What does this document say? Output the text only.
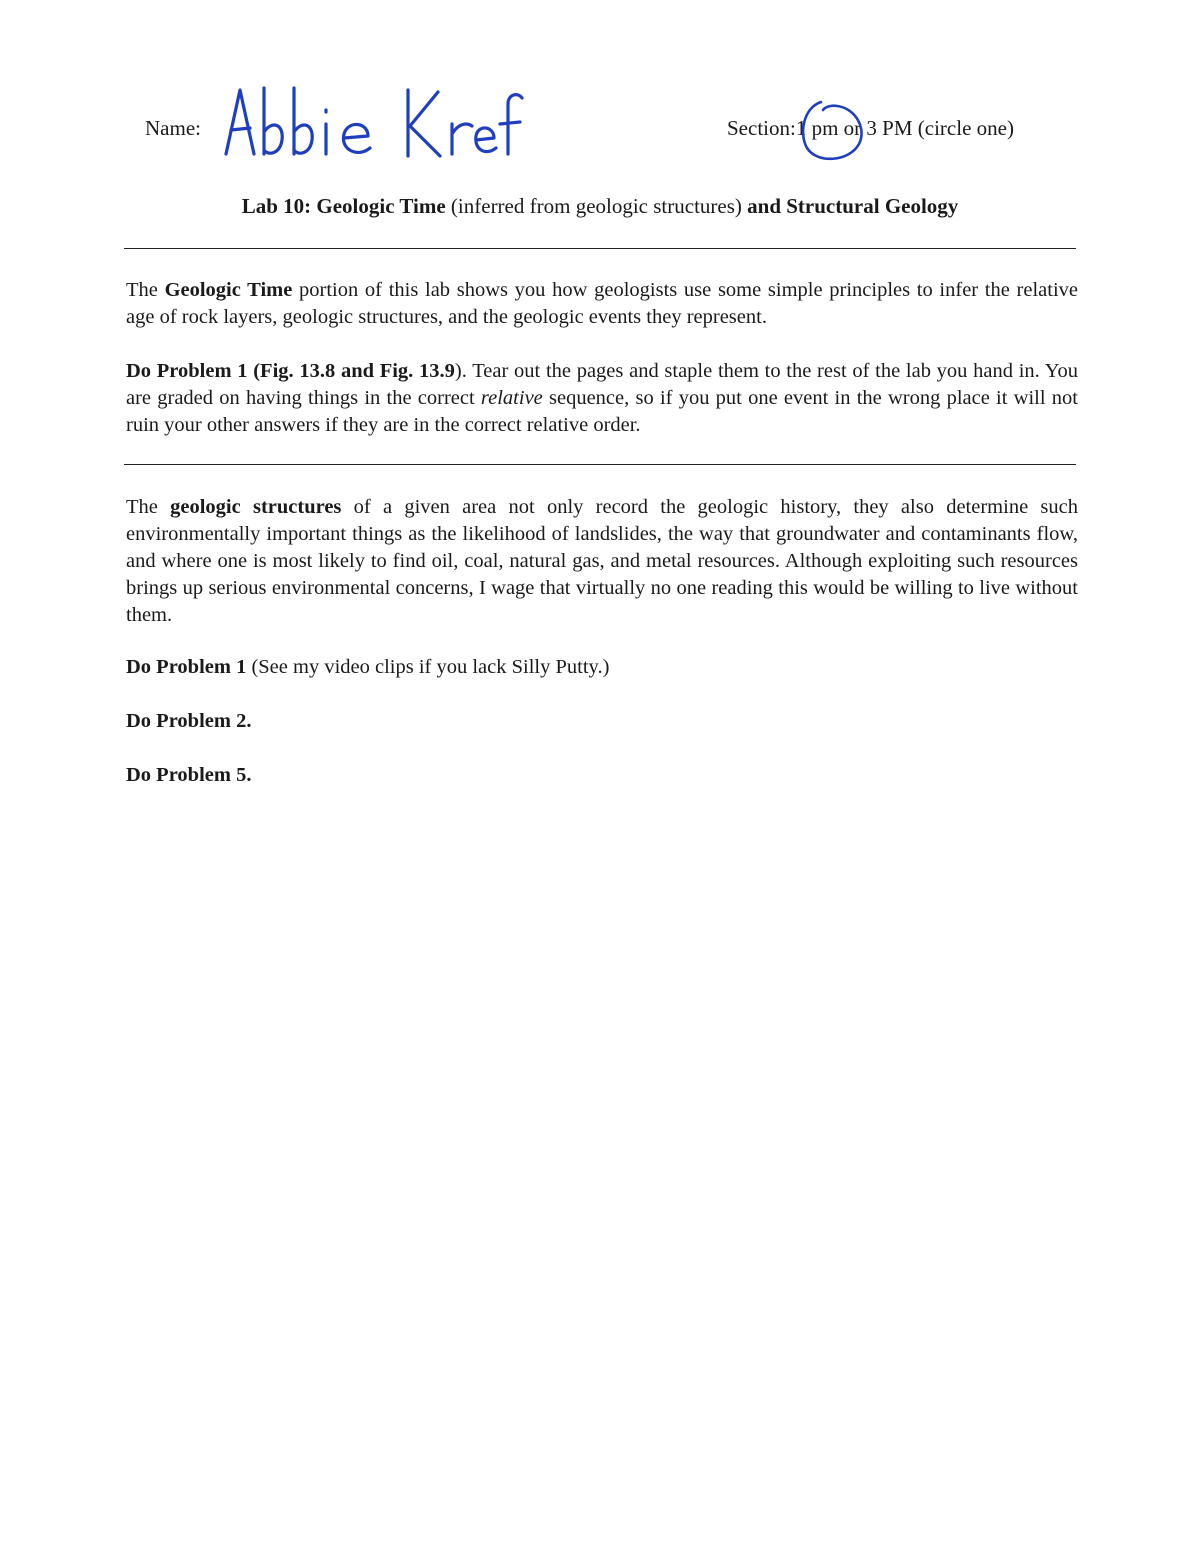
Name:	Section:1 pm or 3 PM (circle one)
Lab 10: Geologic Time (inferred from geologic structures) and Structural Geology
The Geologic Time portion of this lab shows you how geologists use some simple principles to infer the relative age of rock layers, geologic structures, and the geologic events they represent.
Do Problem 1 (Fig. 13.8 and Fig. 13.9). Tear out the pages and staple them to the rest of the lab you hand in. You are graded on having things in the correct relative sequence, so if you put one event in the wrong place it will not ruin your other answers if they are in the correct relative order.
The geologic structures of a given area not only record the geologic history, they also determine such environmentally important things as the likelihood of landslides, the way that groundwater and contaminants flow, and where one is most likely to find oil, coal, natural gas, and metal resources. Although exploiting such resources brings up serious environmental concerns, I wage that virtually no one reading this would be willing to live without them.
Do Problem 1 (See my video clips if you lack Silly Putty.)
Do Problem 2.
Do Problem 5.
